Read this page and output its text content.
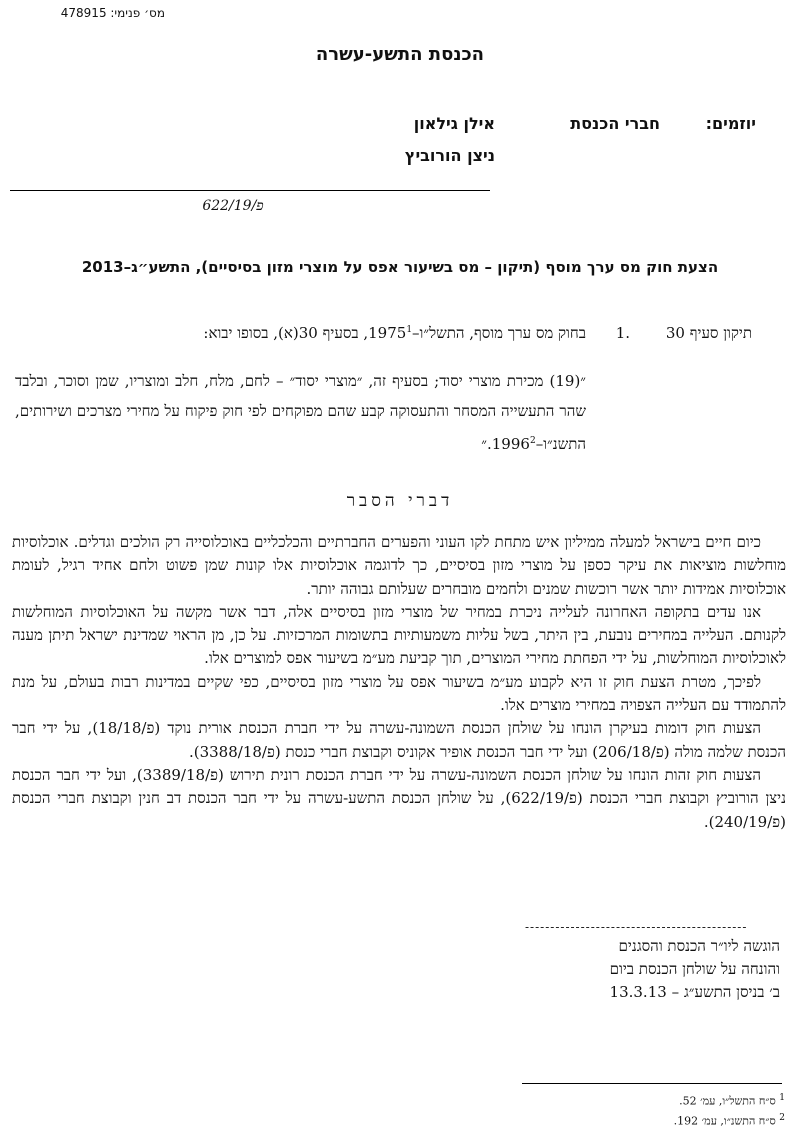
מס׳ פנימי: 478915
הכנסת התשע-עשרה
יוזמים:
חברי הכנסת
אילן גילאון
ניצן הורוביץ
פ/622/19
הצעת חוק מס ערך מוסף (תיקון – מס בשיעור אפס על מוצרי מזון בסיסיים), התשע״ג–2013
תיקון סעיף 30
1.
בחוק מס ערך מוסף, התשל״ו–1975$^1$, בסעיף 30(א), בסופו יבוא:
״(19) מכירת מוצרי יסוד; בסעיף זה, ״מוצרי יסוד״ – לחם, מלח, חלב ומוצריו, שמן וסוכר, ובלבד שהר התעשייה המסחר והתעסוקה קבע שהם מפוקחים לפי חוק פיקוח על מחירי מצרכים ושירותים, התשנ״ו–1996$^2$.״
דברי הסבר

כיום חיים בישראל למעלה ממיליון איש מתחת לקו העוני והפערים החברתיים והכלכליים באוכלוסייה רק הולכים וגדלים. אוכלוסיות מוחלשות מוציאות את עיקר כספן על מוצרי מזון בסיסיים, כך לדוגמה אוכלוסיות אלו קונות שמן פשוט ולחם אחיד רגיל, לעומת אוכלוסיות אמידות יותר אשר רוכשות שמנים ולחמים מובחרים שעלותם גבוהה יותר.

אנו עדים בתקופה האחרונה לעלייה ניכרת במחיר של מוצרי מזון בסיסיים אלה, דבר אשר מקשה על האוכלוסיות המוחלשות לקנותם. העלייה במחירים נובעת, בין היתר, בשל עליות משמעותיות בתשומות המרכזיות. על כן, מן הראוי שמדינת ישראל תיתן מענה לאוכלוסיות המוחלשות, על ידי הפחתת מחירי המוצרים, תוך קביעת מע״מ בשיעור אפס למוצרים אלו.

לפיכך, מטרת הצעת חוק זו היא לקבוע מע״מ בשיעור אפס על מוצרי מזון בסיסיים, כפי שקיים במדינות רבות בעולם, על מנת להתמודד עם העלייה הצפויה במחירי מוצרים אלו.

הצעות חוק דומות בעיקרן הונחו על שולחן הכנסת השמונה-עשרה על ידי חברת הכנסת אורית נוקד (פ/18/18), על ידי חבר הכנסת שלמה מולה (פ/206/18) ועל ידי חבר הכנסת אופיר אקוניס וקבוצת חברי כנסת (פ/3388/18).

הצעות חוק זהות הונחו על שולחן הכנסת השמונה-עשרה על ידי חברת הכנסת רונית תירוש (פ/3389/18), ועל ידי חבר הכנסת ניצן הורוביץ וקבוצת חברי הכנסת (פ/622/19), על שולחן הכנסת התשע-עשרה על ידי חבר הכנסת דב חנין וקבוצת חברי הכנסת (פ/240/19).

--------------------------------------------
הוגשה ליו״ר הכנסת והסגנים
והונחה על שולחן הכנסת ביום
ב׳ בניסן התשע״ג – 13.3.13
$^1$ ס״ח התשל״ו, עמ׳ 52.
$^2$ ס״ח התשנ״ו, עמ׳ 192.
